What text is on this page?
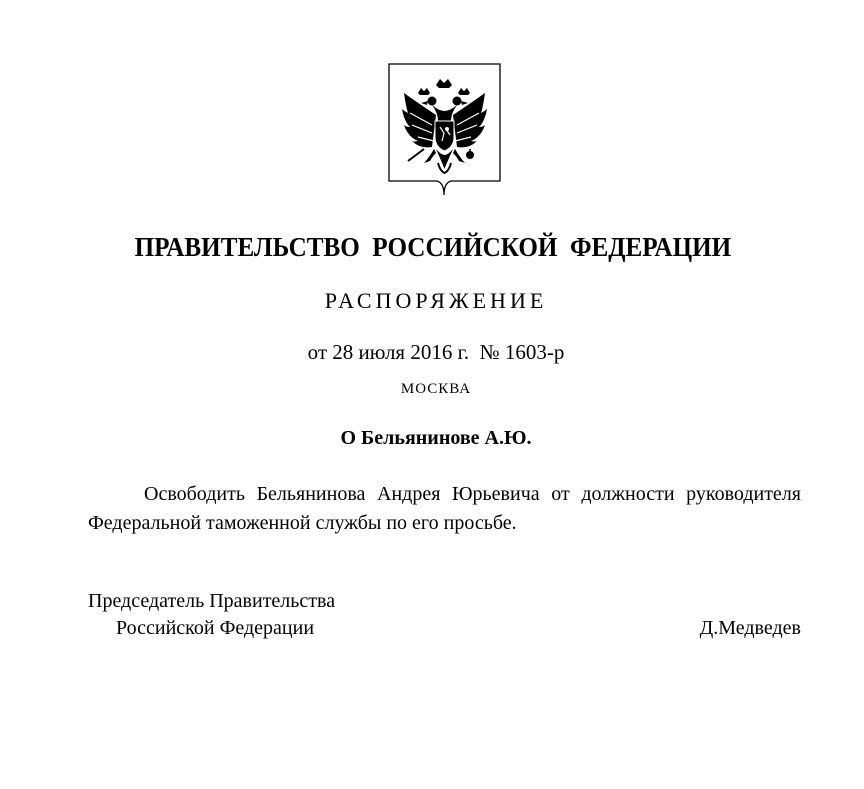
ПРАВИТЕЛЬСТВО  РОССИЙСКОЙ  ФЕДЕРАЦИИ
РАСПОРЯЖЕНИЕ
от 28 июля 2016 г.  № 1603-р
МОСКВА
О Бельянинове А.Ю.

Освободить Бельянинова Андрея Юрьевича от должности руководителя Федеральной таможенной службы по его просьбе.

Председатель Правительства
Российской Федерации	Д.Медведев
